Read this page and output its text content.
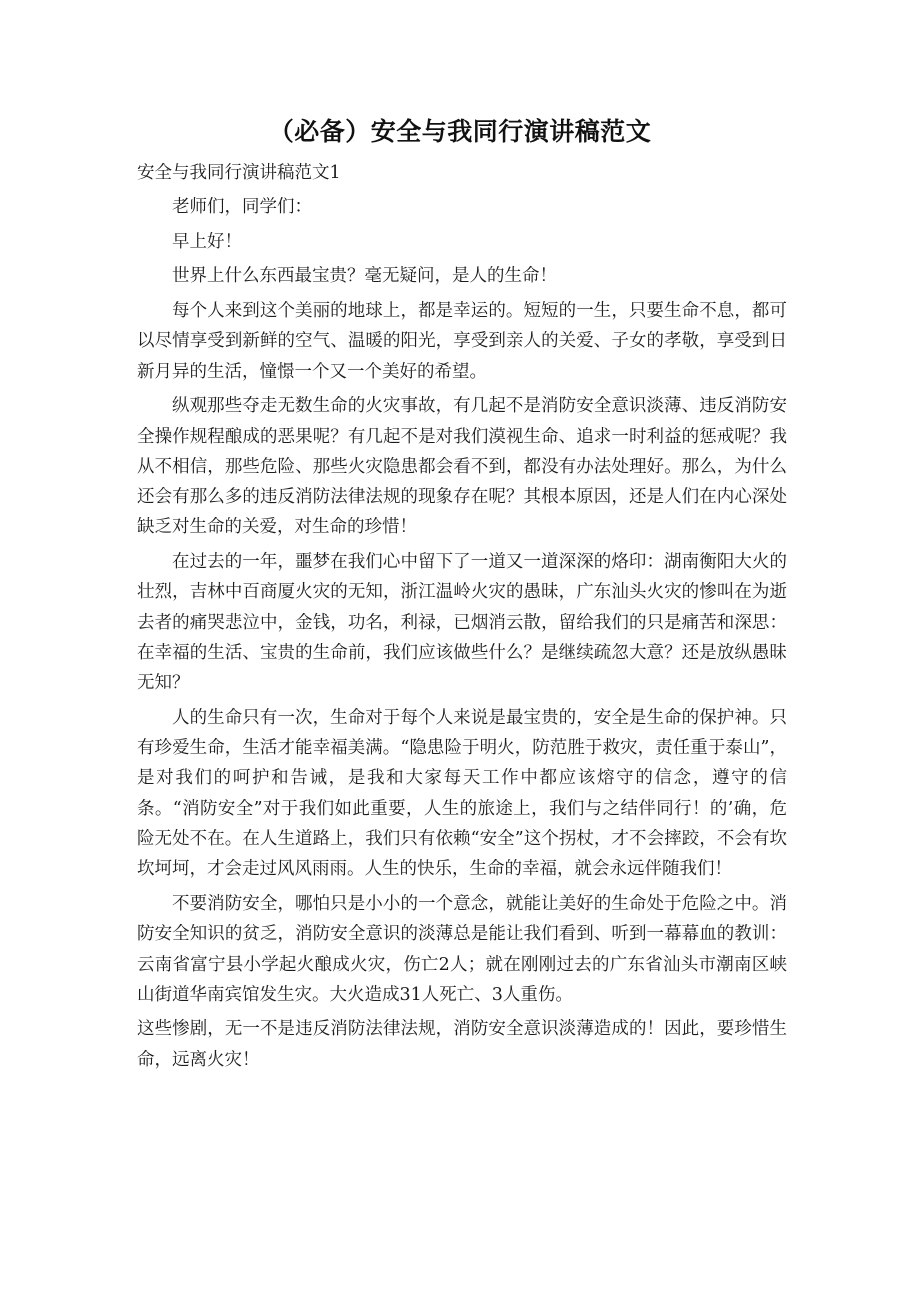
（必备）安全与我同行演讲稿范文

安全与我同行演讲稿范文1

老师们，同学们：

早上好！

世界上什么东西最宝贵？毫无疑问，是人的生命！

每个人来到这个美丽的地球上，都是幸运的。短短的一生，只要生命不息，都可以尽情享受到新鲜的空气、温暖的阳光，享受到亲人的关爱、子女的孝敬，享受到日新月异的生活，憧憬一个又一个美好的希望。

纵观那些夺走无数生命的火灾事故，有几起不是消防安全意识淡薄、违反消防安全操作规程酿成的恶果呢？有几起不是对我们漠视生命、追求一时利益的惩戒呢？我从不相信，那些危险、那些火灾隐患都会看不到，都没有办法处理好。那么，为什么还会有那么多的违反消防法律法规的现象存在呢？其根本原因，还是人们在内心深处缺乏对生命的关爱，对生命的珍惜！

在过去的一年，噩梦在我们心中留下了一道又一道深深的烙印：湖南衡阳大火的壮烈，吉林中百商厦火灾的无知，浙江温岭火灾的愚昧，广东汕头火灾的惨叫在为逝去者的痛哭悲泣中，金钱，功名，利禄，已烟消云散，留给我们的只是痛苦和深思：在幸福的生活、宝贵的生命前，我们应该做些什么？是继续疏忽大意？还是放纵愚昧无知？

人的生命只有一次，生命对于每个人来说是最宝贵的，安全是生命的保护神。只有珍爱生命，生活才能幸福美满。“隐患险于明火，防范胜于救灾，责任重于泰山”，是对我们的呵护和告诫，是我和大家每天工作中都应该熔守的信念，遵守的信条。“消防安全”对于我们如此重要，人生的旅途上，我们与之结伴同行！的’确，危险无处不在。在人生道路上，我们只有依赖“安全”这个拐杖，才不会摔跤，不会有坎坎坷坷，才会走过风风雨雨。人生的快乐，生命的幸福，就会永远伴随我们！

不要消防安全，哪怕只是小小的一个意念，就能让美好的生命处于危险之中。消防安全知识的贫乏，消防安全意识的淡薄总是能让我们看到、听到一幕幕血的教训：云南省富宁县小学起火酿成火灾，伤亡2人；就在刚刚过去的广东省汕头市潮南区峡山街道华南宾馆发生灾。大火造成31人死亡、3人重伤。

这些惨剧，无一不是违反消防法律法规，消防安全意识淡薄造成的！因此，要珍惜生命，远离火灾！
